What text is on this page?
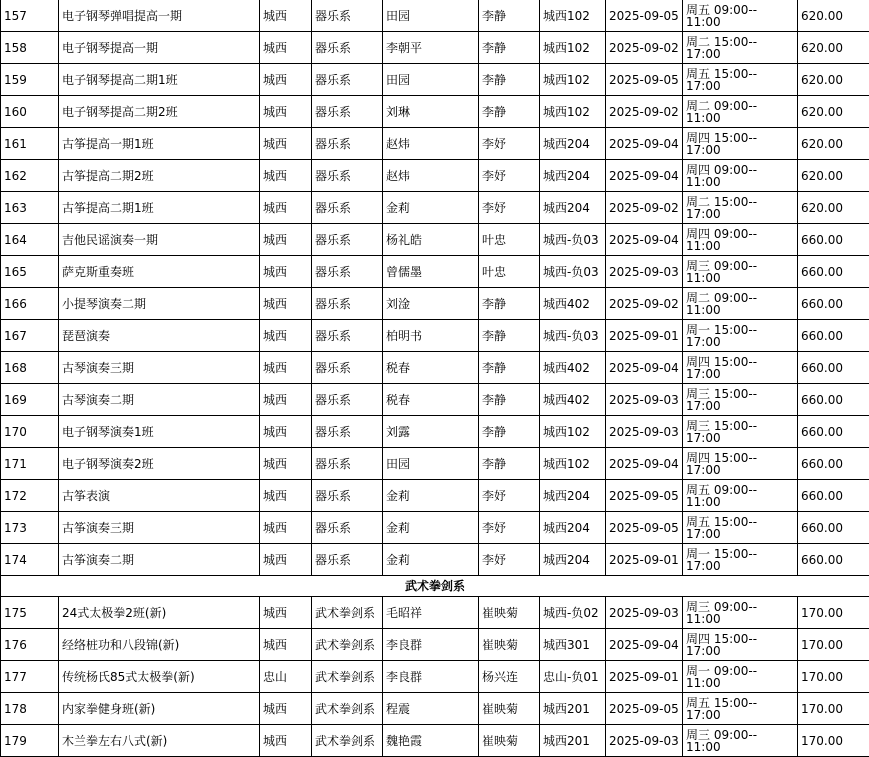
157	电子钢琴弹唱提高一期	城西	器乐系	田园	李静	城西102	2025-09-05	周五 09:00--
11:00	620.00
158	电子钢琴提高一期	城西	器乐系	李朝平	李静	城西102	2025-09-02	周二 15:00--
17:00	620.00
159	电子钢琴提高二期1班	城西	器乐系	田园	李静	城西102	2025-09-05	周五 15:00--
17:00	620.00
160	电子钢琴提高二期2班	城西	器乐系	刘琳	李静	城西102	2025-09-02	周二 09:00--
11:00	620.00
161	古筝提高一期1班	城西	器乐系	赵炜	李妤	城西204	2025-09-04	周四 15:00--
17:00	620.00
162	古筝提高二期2班	城西	器乐系	赵炜	李妤	城西204	2025-09-04	周四 09:00--
11:00	620.00
163	古筝提高二期1班	城西	器乐系	金莉	李妤	城西204	2025-09-02	周二 15:00--
17:00	620.00
164	吉他民谣演奏一期	城西	器乐系	杨礼皓	叶忠	城西-负03	2025-09-04	周四 09:00--
11:00	660.00
165	萨克斯重奏班	城西	器乐系	曾儒墨	叶忠	城西-负03	2025-09-03	周三 09:00--
11:00	660.00
166	小提琴演奏二期	城西	器乐系	刘淦	李静	城西402	2025-09-02	周二 09:00--
11:00	660.00
167	琵琶演奏	城西	器乐系	柏明书	李静	城西-负03	2025-09-01	周一 15:00--
17:00	660.00
168	古琴演奏三期	城西	器乐系	税春	李静	城西402	2025-09-04	周四 15:00--
17:00	660.00
169	古琴演奏二期	城西	器乐系	税春	李静	城西402	2025-09-03	周三 15:00--
17:00	660.00
170	电子钢琴演奏1班	城西	器乐系	刘露	李静	城西102	2025-09-03	周三 15:00--
17:00	660.00
171	电子钢琴演奏2班	城西	器乐系	田园	李静	城西102	2025-09-04	周四 15:00--
17:00	660.00
172	古筝表演	城西	器乐系	金莉	李妤	城西204	2025-09-05	周五 09:00--
11:00	660.00
173	古筝演奏三期	城西	器乐系	金莉	李妤	城西204	2025-09-05	周五 15:00--
17:00	660.00
174	古筝演奏二期	城西	器乐系	金莉	李妤	城西204	2025-09-01	周一 15:00--
17:00	660.00
武术拳剑系									
175	24式太极拳2班(新)	城西	武术拳剑系	毛昭祥	崔映菊	城西-负02	2025-09-03	周三 09:00--
11:00	170.00
176	经络桩功和八段锦(新)	城西	武术拳剑系	李良群	崔映菊	城西301	2025-09-04	周四 15:00--
17:00	170.00
177	传统杨氏85式太极拳(新)	忠山	武术拳剑系	李良群	杨兴连	忠山-负01	2025-09-01	周一 09:00--
11:00	170.00
178	内家拳健身班(新)	城西	武术拳剑系	程震	崔映菊	城西201	2025-09-05	周五 15:00--
17:00	170.00
179	木兰拳左右八式(新)	城西	武术拳剑系	魏艳霞	崔映菊	城西201	2025-09-03	周三 09:00--
11:00	170.00
